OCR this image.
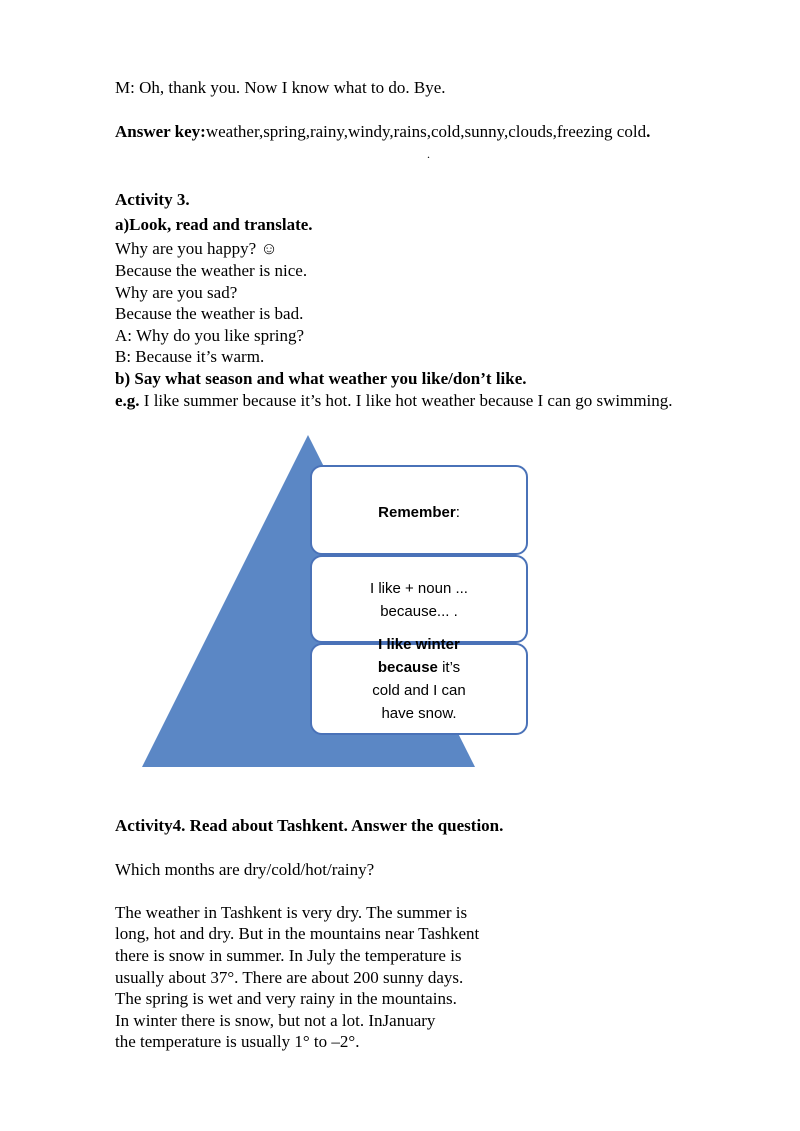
M: Oh, thank you. Now I know what to do. Bye.
Answer key:weather,spring,rainy,windy,rains,cold,sunny,clouds,freezing cold.
.
Activity 3.
a)Look, read and translate.
Why are you happy? ☺
Because the weather is nice.
Why are you sad?
Because the weather is bad.
A: Why do you like spring?
B: Because it’s warm.
b) Say what season and what weather you like/don’t like.
e.g. I like summer because it’s hot. I like hot weather because I can go swimming.
Remember:
I like + noun ...
because... .
I like winter
because it’s
cold and I can
have snow.
Activity4. Read about Tashkent. Answer the question.
Which months are dry/cold/hot/rainy?
The weather in Tashkent is very dry. The summer is
long, hot and dry. But in the mountains near Tashkent
there is snow in summer. In July the temperature is
usually about 37°. There are about 200 sunny days.
The spring is wet and very rainy in the mountains.
In winter there is snow, but not a lot. InJanuary
the temperature is usually 1° to –2°.
